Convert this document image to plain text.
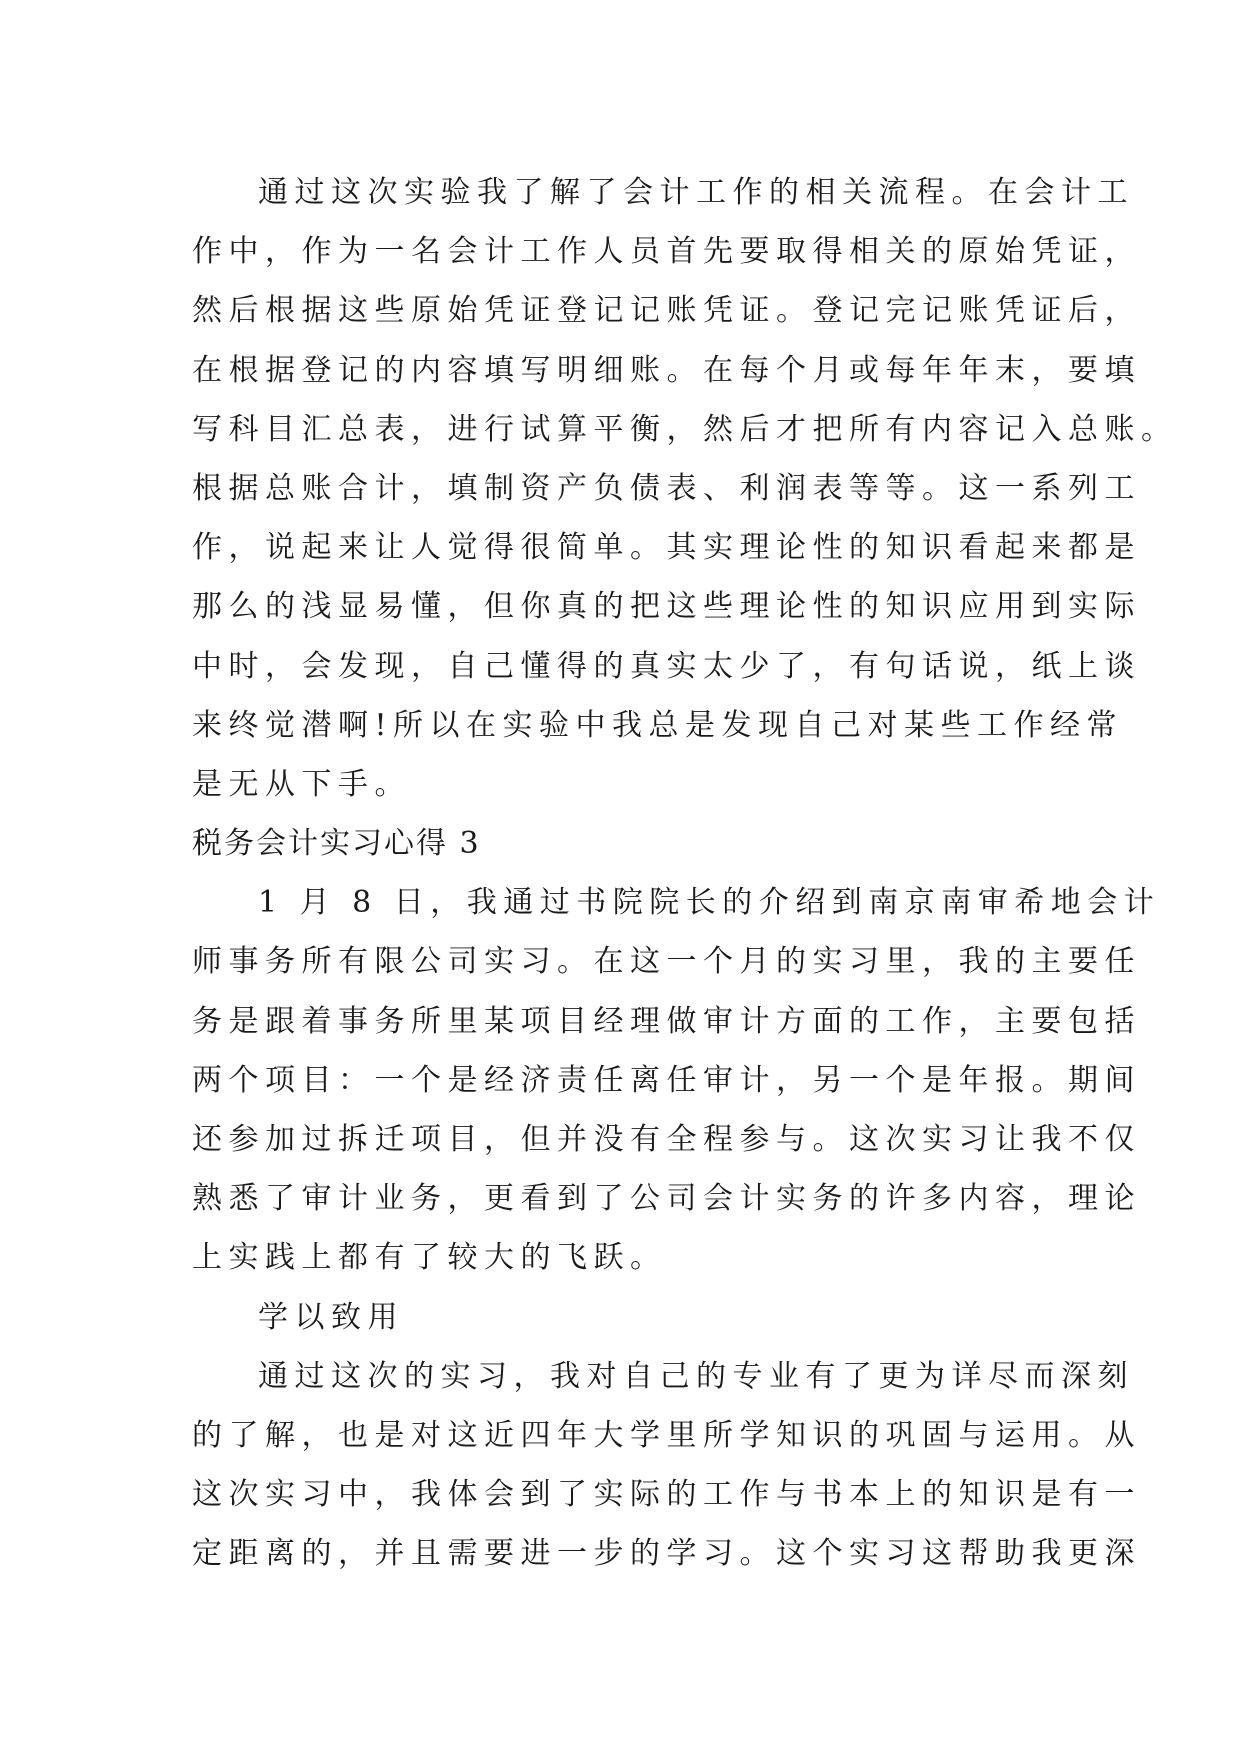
通过这次实验我了解了会计工作的相关流程。在会计工
作中，作为一名会计工作人员首先要取得相关的原始凭证，
然后根据这些原始凭证登记记账凭证。登记完记账凭证后，
在根据登记的内容填写明细账。在每个月或每年年末，要填
写科目汇总表，进行试算平衡，然后才把所有内容记入总账。
根据总账合计，填制资产负债表、利润表等等。这一系列工
作，说起来让人觉得很简单。其实理论性的知识看起来都是
那么的浅显易懂，但你真的把这些理论性的知识应用到实际
中时，会发现，自己懂得的真实太少了，有句话说，纸上谈
来终觉潜啊!所以在实验中我总是发现自己对某些工作经常
是无从下手。
税务会计实习心得 3
1 月 8 日，我通过书院院长的介绍到南京南审希地会计
师事务所有限公司实习。在这一个月的实习里，我的主要任
务是跟着事务所里某项目经理做审计方面的工作，主要包括
两个项目：一个是经济责任离任审计，另一个是年报。期间
还参加过拆迁项目，但并没有全程参与。这次实习让我不仅
熟悉了审计业务，更看到了公司会计实务的许多内容，理论
上实践上都有了较大的飞跃。
学以致用
通过这次的实习，我对自己的专业有了更为详尽而深刻
的了解，也是对这近四年大学里所学知识的巩固与运用。从
这次实习中，我体会到了实际的工作与书本上的知识是有一
定距离的，并且需要进一步的学习。这个实习这帮助我更深
